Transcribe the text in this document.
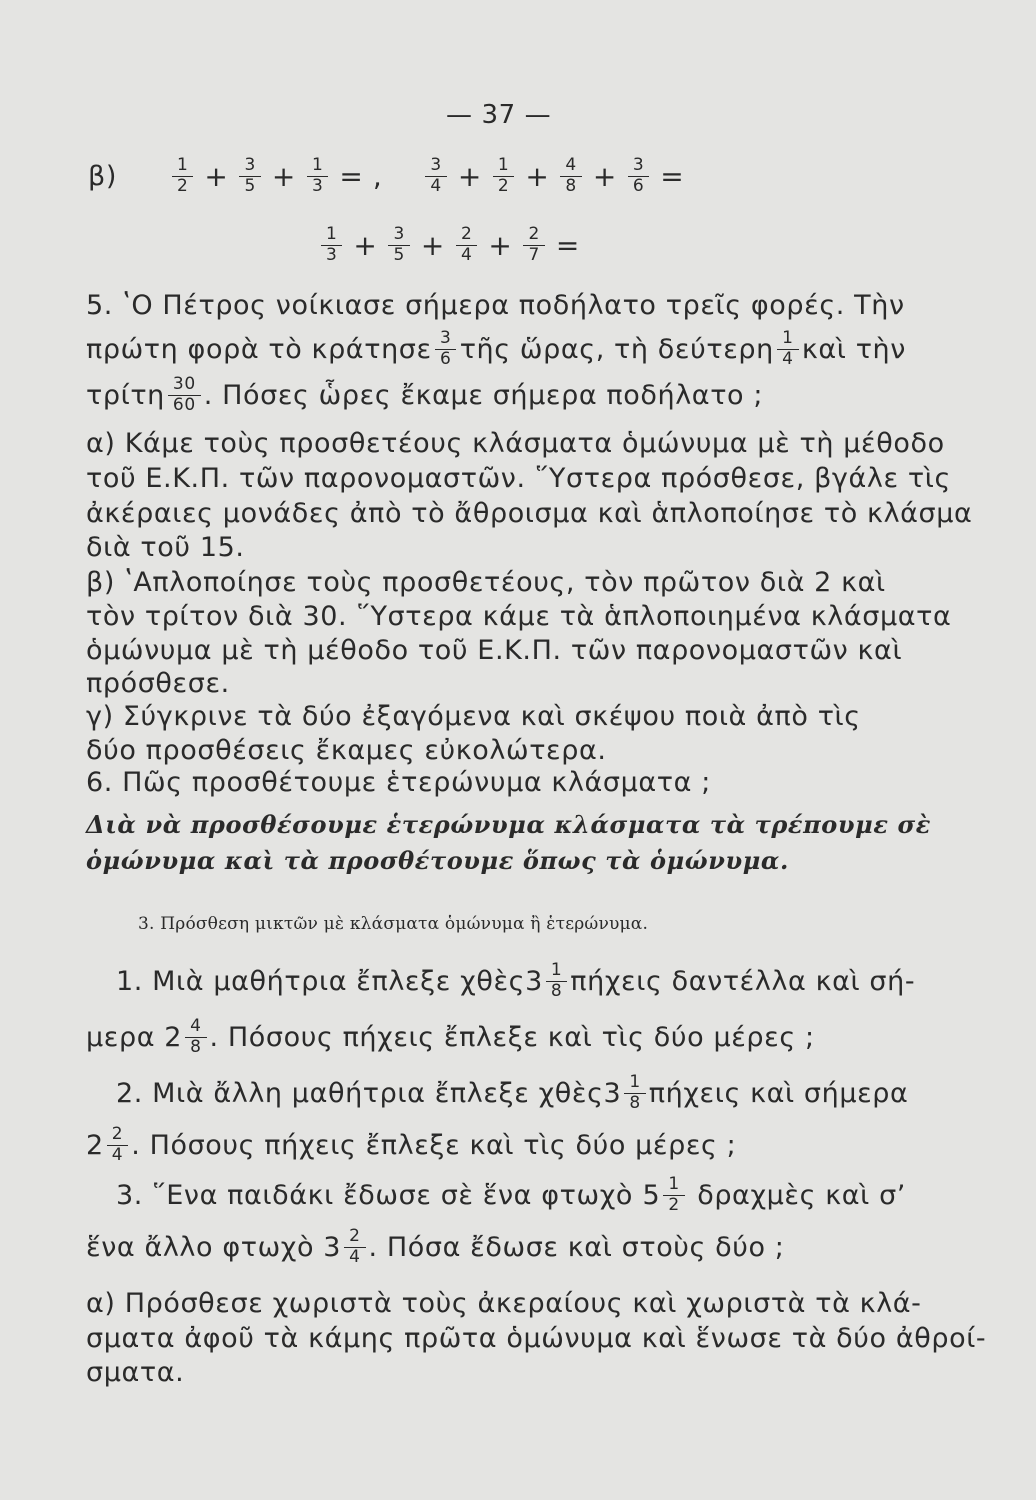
— 37 —
β)	$\frac{1}{2} + \frac{3}{5} + \frac{1}{3}$ = ,	$\frac{3}{4} + \frac{1}{2} + \frac{4}{8} + \frac{3}{6}$ =
$\frac{1}{3} + \frac{3}{5} + \frac{2}{4} + \frac{2}{7}$ =
5. ʽΟ Πέτρος νοίκιασε σήμερα ποδήλατο τρεῖς φορές. Τὴν
πρώτη φορὰ τὸ κράτησε $\frac{3}{6}$ τῆς ὥρας, τὴ δεύτερη $\frac{1}{4}$ καὶ τὴν
τρίτη $\frac{30}{60}$ . Πόσες ὧρες ἔκαμε σήμερα ποδήλατο ;
α) Κάμε τοὺς προσθετέους κλάσματα ὁμώνυμα μὲ τὴ μέθοδο
τοῦ Ε.Κ.Π. τῶν παρονομαστῶν. ῞Υστερα πρόσθεσε, βγάλε τὶς
ἀκέραιες μονάδες ἀπὸ τὸ ἄθροισμα καὶ ἁπλοποίησε τὸ κλάσμα
διὰ τοῦ 15.
β) ʽΑπλοποίησε τοὺς προσθετέους, τὸν πρῶτον διὰ 2 καὶ
τὸν τρίτον διὰ 30. ῞Υστερα κάμε τὰ ἁπλοποιημένα κλάσματα
ὁμώνυμα μὲ τὴ μέθοδο τοῦ Ε.Κ.Π. τῶν παρονομαστῶν καὶ
πρόσθεσε.
γ) Σύγκρινε τὰ δύο ἐξαγόμενα καὶ σκέψου ποιὰ ἀπὸ τὶς
δύο προσθέσεις ἔκαμες εὐκολώτερα.
6. Πῶς προσθέτουμε ἑτερώνυμα κλάσματα ;
Διὰ νὰ προσθέσουμε ἑτερώνυμα κλάσματα τὰ τρέπουμε σὲ
ὁμώνυμα καὶ τὰ προσθέτουμε ὅπως τὰ ὁμώνυμα.
3. Πρόσθεση μικτῶν μὲ κλάσματα ὁμώνυμα ἢ ἑτερώνυμα.
1. Μιὰ μαθήτρια ἔπλεξε χθὲς $3 \frac{1}{8}$ πήχεις δαντέλλα καὶ σή-
μερα $2 \frac{4}{8}$ . Πόσους πήχεις ἔπλεξε καὶ τὶς δύο μέρες ;
2. Μιὰ ἄλλη μαθήτρια ἔπλεξε χθὲς $3 \frac{1}{8}$ πήχεις καὶ σήμερα
$2 \frac{2}{4}$ . Πόσους πήχεις ἔπλεξε καὶ τὶς δύο μέρες ;
3. ῞Ενα παιδάκι ἔδωσε σὲ ἕνα φτωχὸ $5 \frac{1}{2}$ δραχμὲς καὶ σ’
ἕνα ἄλλο φτωχὸ $3 \frac{2}{4}$ . Πόσα ἔδωσε καὶ στοὺς δύο ;
α) Πρόσθεσε χωριστὰ τοὺς ἀκεραίους καὶ χωριστὰ τὰ κλά-
σματα ἀφοῦ τὰ κάμης πρῶτα ὁμώνυμα καὶ ἕνωσε τὰ δύο ἀθροί-
σματα.
